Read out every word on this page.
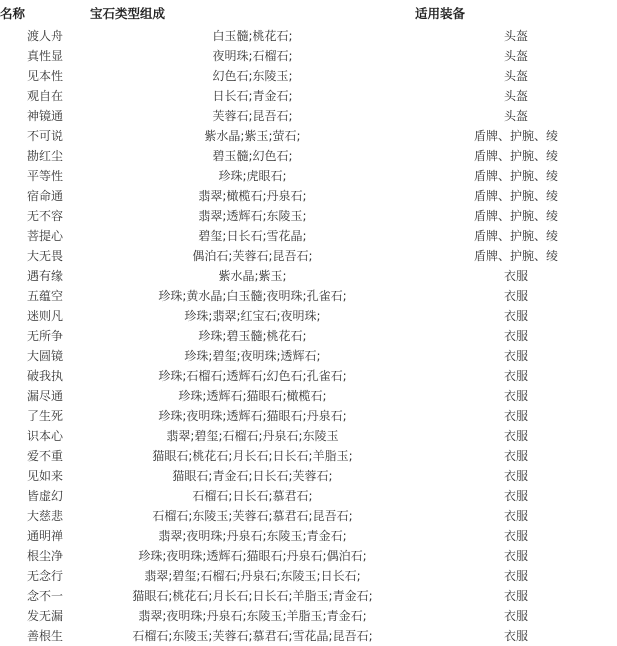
名称	宝石类型组成	适用装备
渡人舟	白玉髓;桃花石;	头盔
真性显	夜明珠;石榴石;	头盔
见本性	幻色石;东陵玉;	头盔
观自在	日长石;青金石;	头盔
神镜通	芙蓉石;昆吾石;	头盔
不可说	紫水晶;紫玉;萤石;	盾牌、护腕、绫
勘红尘	碧玉髓;幻色石;	盾牌、护腕、绫
平等性	珍珠;虎眼石;	盾牌、护腕、绫
宿命通	翡翠;橄榄石;丹泉石;	盾牌、护腕、绫
无不容	翡翠;透辉石;东陵玉;	盾牌、护腕、绫
菩提心	碧玺;日长石;雪花晶;	盾牌、护腕、绫
大无畏	偶泊石;芙蓉石;昆吾石;	盾牌、护腕、绫
遇有缘	紫水晶;紫玉;	衣服
五蕴空	珍珠;黄水晶;白玉髓;夜明珠;孔雀石;	衣服
迷则凡	珍珠;翡翠;红宝石;夜明珠;	衣服
无所争	珍珠;碧玉髓;桃花石;	衣服
大圆镜	珍珠;碧玺;夜明珠;透辉石;	衣服
破我执	珍珠;石榴石;透辉石;幻色石;孔雀石;	衣服
漏尽通	珍珠;透辉石;猫眼石;橄榄石;	衣服
了生死	珍珠;夜明珠;透辉石;猫眼石;丹泉石;	衣服
识本心	翡翠;碧玺;石榴石;丹泉石;东陵玉	衣服
爱不重	猫眼石;桃花石;月长石;日长石;羊脂玉;	衣服
见如来	猫眼石;青金石;日长石;芙蓉石;	衣服
皆虚幻	石榴石;日长石;慕君石;	衣服
大慈悲	石榴石;东陵玉;芙蓉石;慕君石;昆吾石;	衣服
通明禅	翡翠;夜明珠;丹泉石;东陵玉;青金石;	衣服
根尘净	珍珠;夜明珠;透辉石;猫眼石;丹泉石;偶泊石;	衣服
无念行	翡翠;碧玺;石榴石;丹泉石;东陵玉;日长石;	衣服
念不一	猫眼石;桃花石;月长石;日长石;羊脂玉;青金石;	衣服
发无漏	翡翠;夜明珠;丹泉石;东陵玉;羊脂玉;青金石;	衣服
善根生	石榴石;东陵玉;芙蓉石;慕君石;雪花晶;昆吾石;	衣服
